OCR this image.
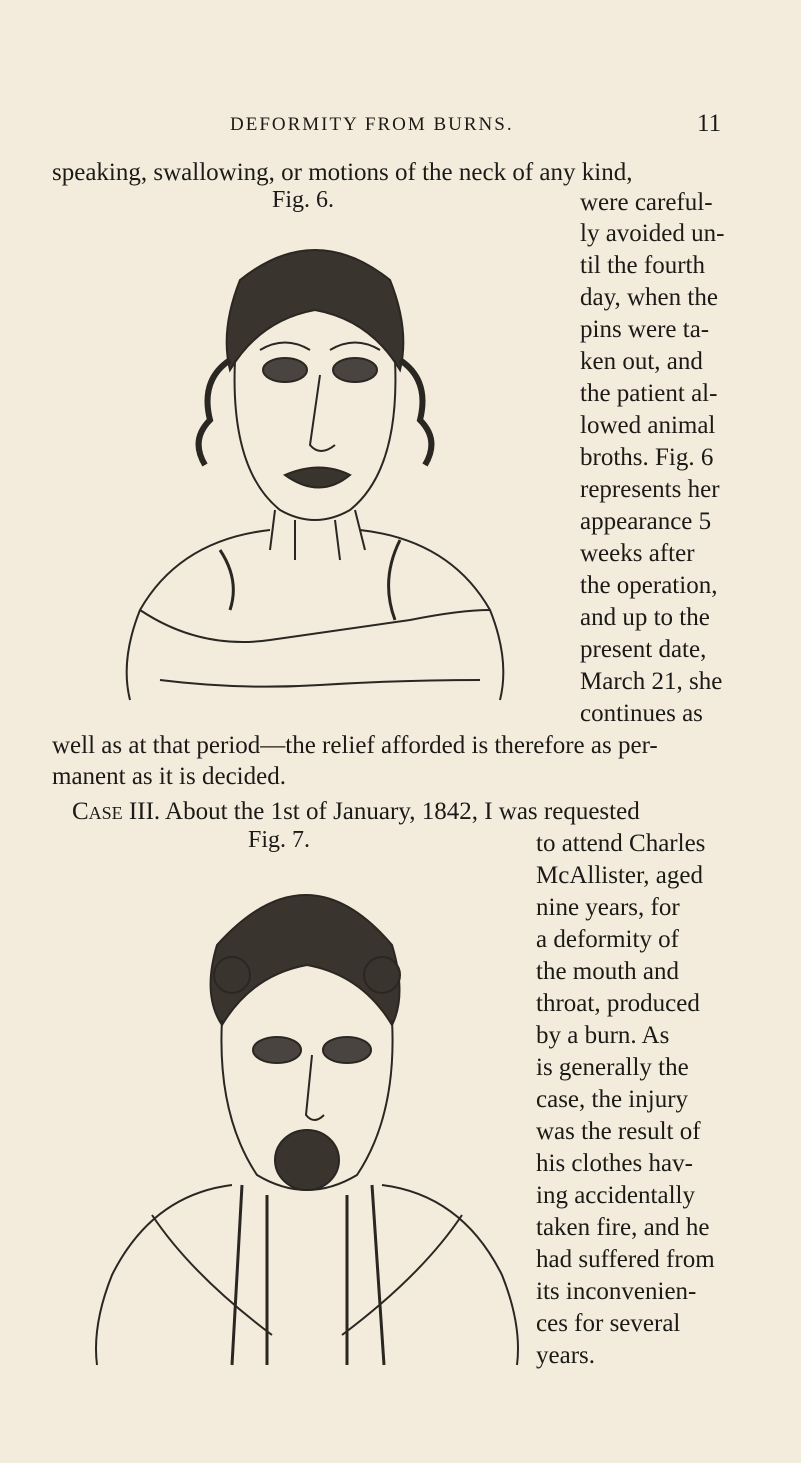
DEFORMITY FROM BURNS.	11
speaking, swallowing, or motions of the neck of any kind,
Fig. 6.	were careful-
ly avoided un-
til the fourth
day, when the
pins were ta-
ken out, and
the patient al-
lowed animal
broths. Fig. 6
represents her
appearance 5
weeks after
the operation,
and up to the
present date,
March 21, she
continues as
well as at that period—the relief afforded is therefore as per-
manent as it is decided.
Case III. About the 1st of January, 1842, I was requested
Fig. 7.	to attend Charles
McAllister, aged
nine years, for
a deformity of
the mouth and
throat, produced
by a burn. As
is generally the
case, the injury
was the result of
his clothes hav-
ing accidentally
taken fire, and he
had suffered from
its inconvenien-
ces for several
years.
